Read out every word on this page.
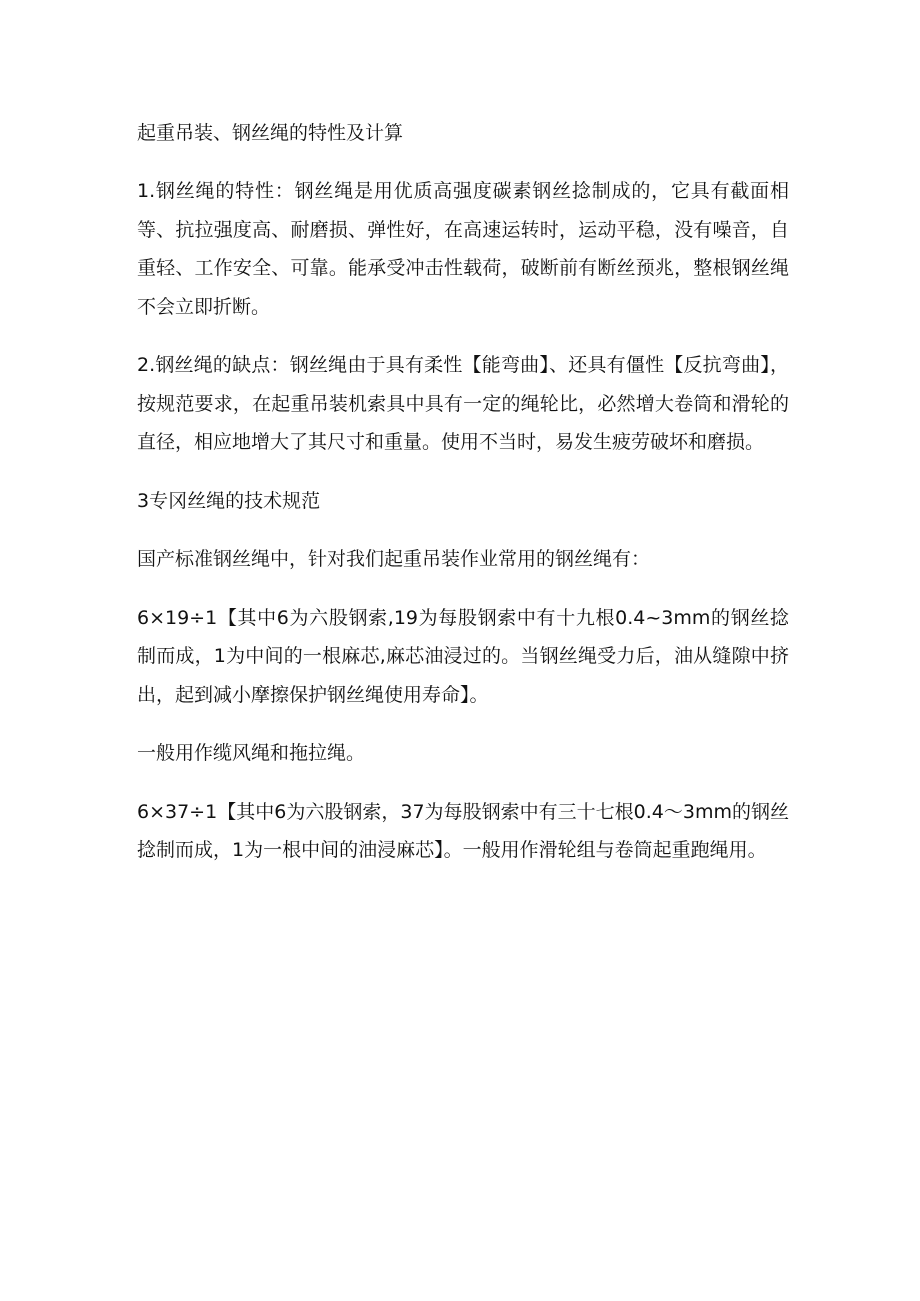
起重吊装、钢丝绳的特性及计算

1.钢丝绳的特性：钢丝绳是用优质高强度碳素钢丝捻制成的，它具有截面相等、抗拉强度高、耐磨损、弹性好，在高速运转时，运动平稳，没有噪音，自重轻、工作安全、可靠。能承受冲击性载荷，破断前有断丝预兆，整根钢丝绳不会立即折断。

2.钢丝绳的缺点：钢丝绳由于具有柔性【能弯曲】、还具有僵性【反抗弯曲】，按规范要求，在起重吊装机索具中具有一定的绳轮比，必然增大卷筒和滑轮的直径，相应地增大了其尺寸和重量。使用不当时，易发生疲劳破坏和磨损。

3专冈丝绳的技术规范

国产标准钢丝绳中，针对我们起重吊装作业常用的钢丝绳有：

6×19÷1【其中6为六股钢索,19为每股钢索中有十九根0.4~3mm的钢丝捻制而成，1为中间的一根麻芯,麻芯油浸过的。当钢丝绳受力后，油从缝隙中挤出，起到减小摩擦保护钢丝绳使用寿命】。

一般用作缆风绳和拖拉绳。

6×37÷1【其中6为六股钢索，37为每股钢索中有三十七根0.4～3mm的钢丝捻制而成，1为一根中间的油浸麻芯】。一般用作滑轮组与卷筒起重跑绳用。
